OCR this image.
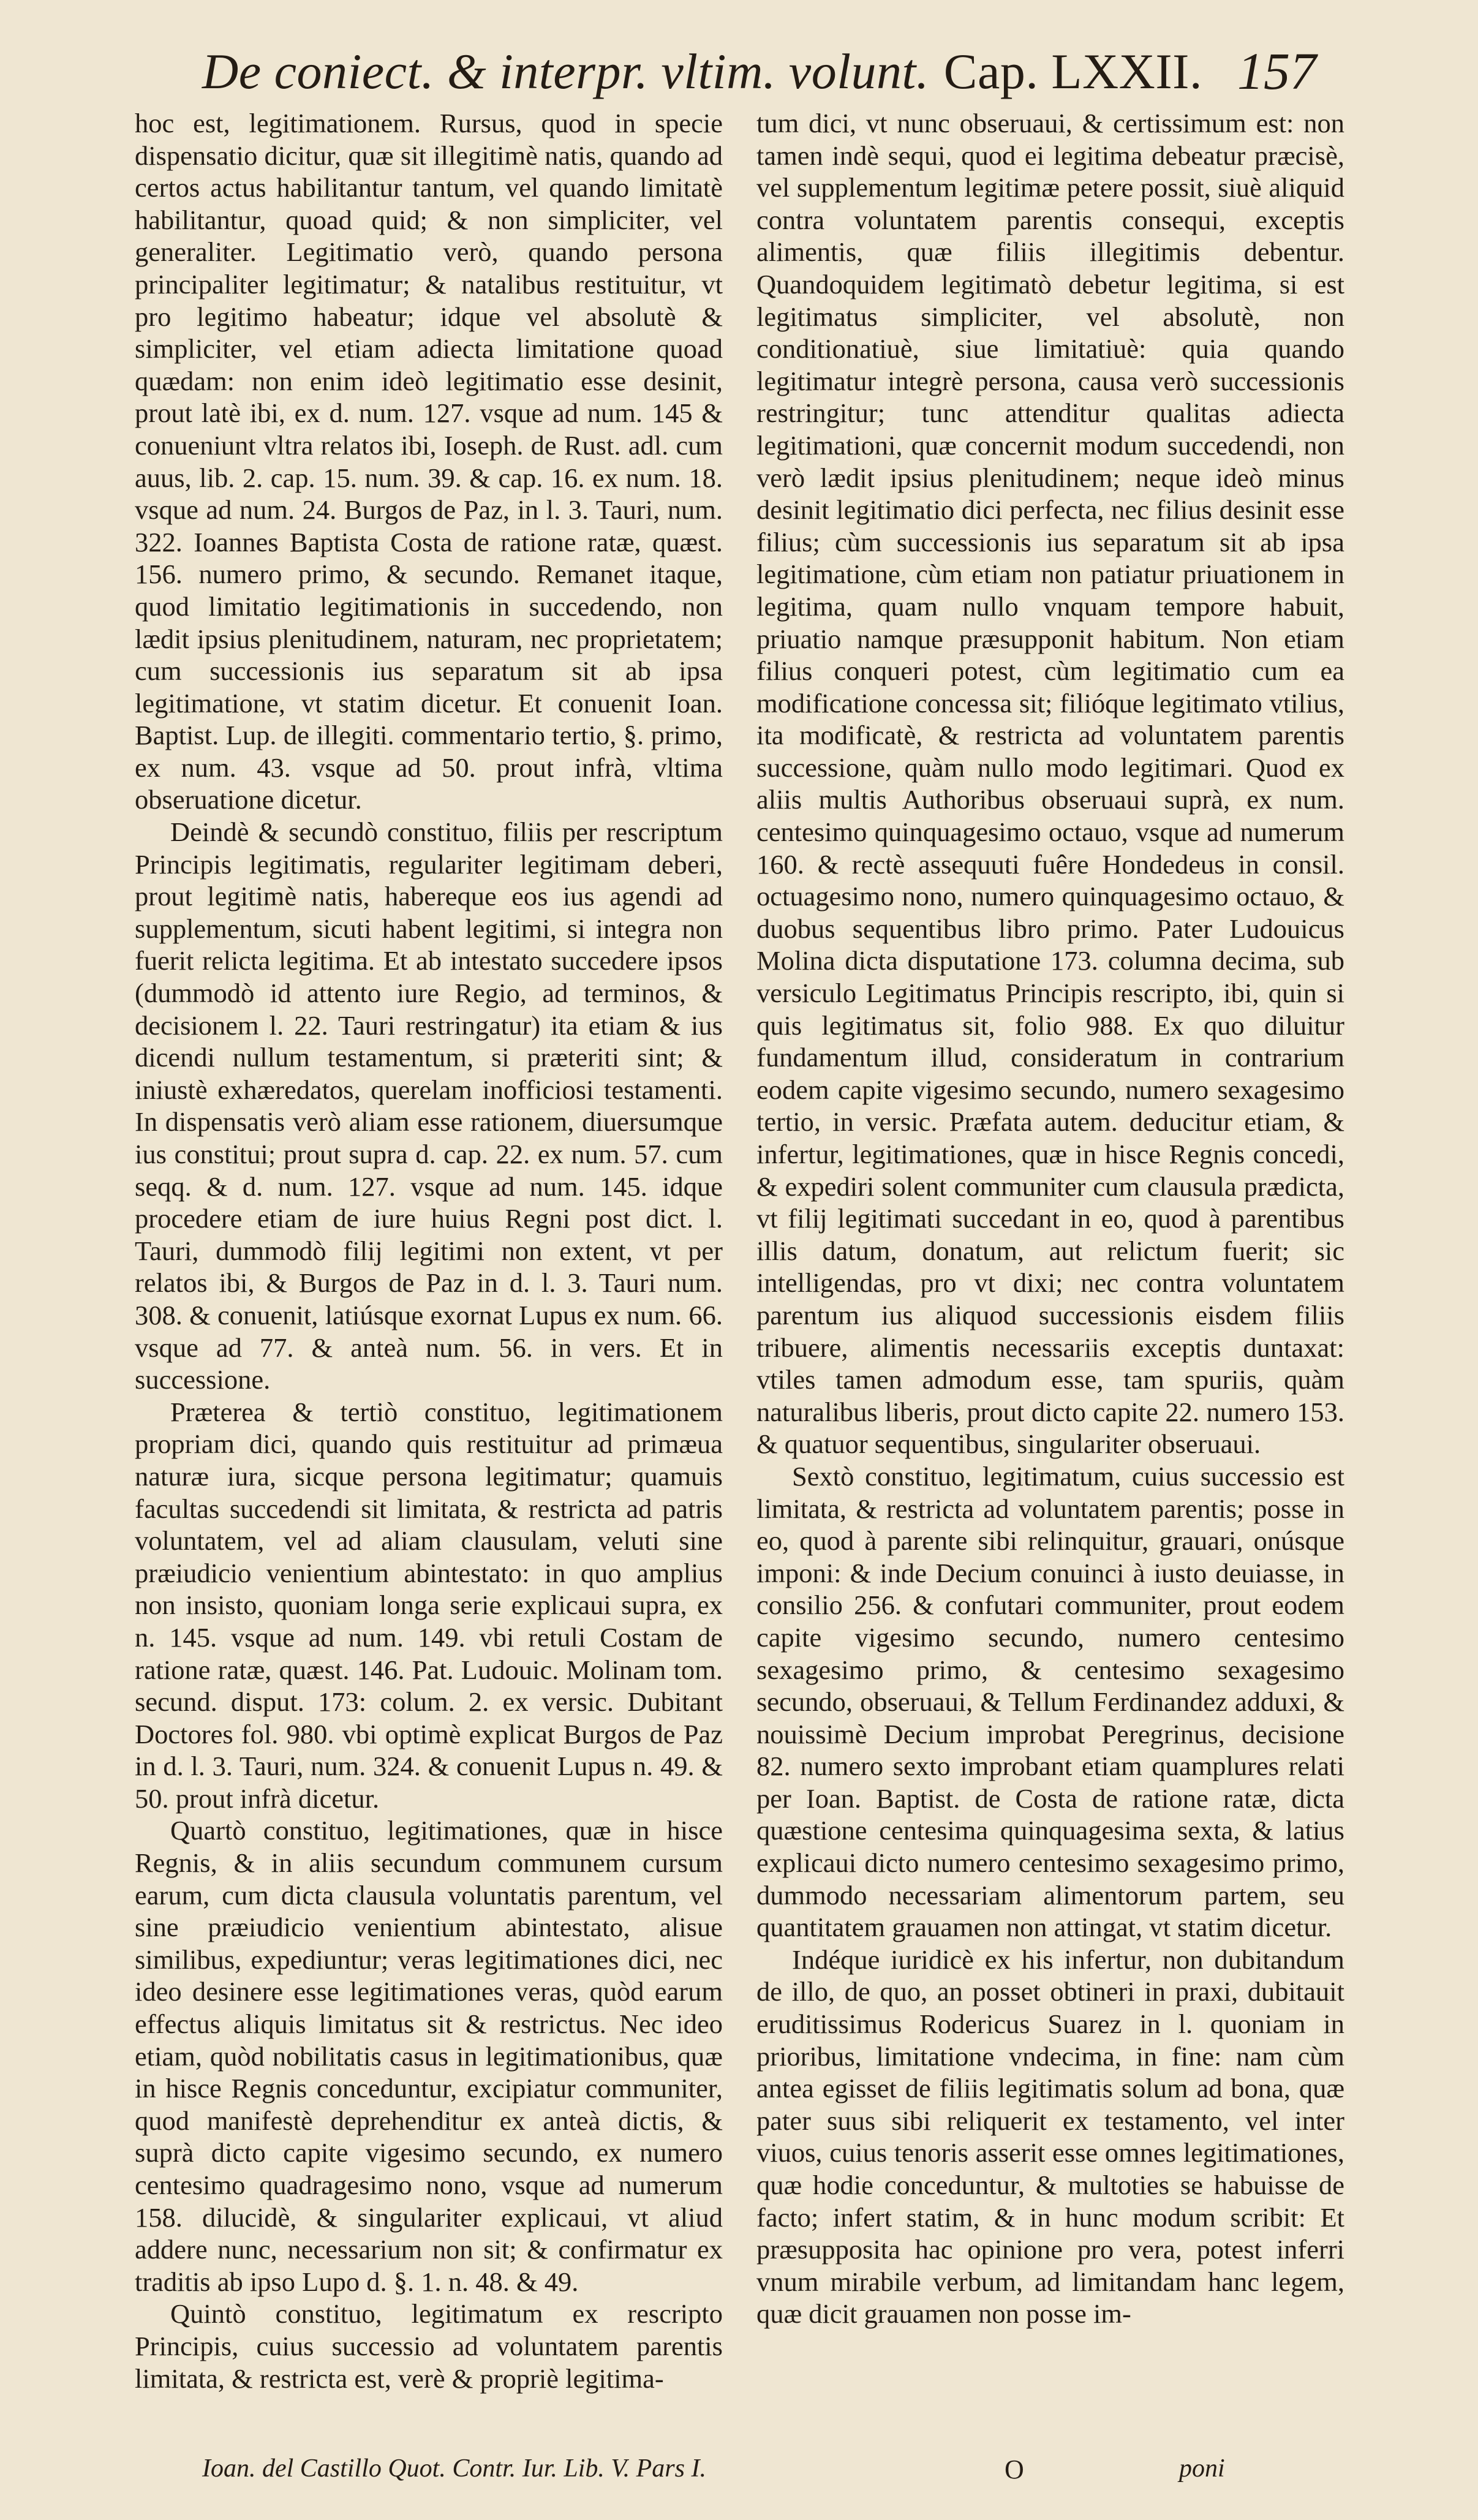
De coniect. & interpr. vltim. volunt. Cap. LXXII. 157

hoc est, legitimationem. Rursus, quod in specie dispensatio dicitur, quæ sit illegitimè natis, quando ad certos actus habilitantur tantum, vel quando limitatè habilitantur, quoad quid; & non simpliciter, vel generaliter. Legitimatio verò, quando persona principaliter legitimatur; & natalibus restituitur, vt pro legitimo habeatur; idque vel absolutè & simpliciter, vel etiam adiecta limitatione quoad quædam: non enim ideò legitimatio esse desinit, prout latè ibi, ex d. num. 127. vsque ad num. 145 & conueniunt vltra relatos ibi, Ioseph. de Rust. adl. cum auus, lib. 2. cap. 15. num. 39. & cap. 16. ex num. 18. vsque ad num. 24. Burgos de Paz, in l. 3. Tauri, num. 322. Ioannes Baptista Costa de ratione ratæ, quæst. 156. numero primo, & secundo. Remanet itaque, quod limitatio legitimationis in succedendo, non lædit ipsius plenitudinem, naturam, nec proprietatem; cum successionis ius separatum sit ab ipsa legitimatione, vt statim dicetur. Et conuenit Ioan. Baptist. Lup. de illegiti. commentario tertio, §. primo, ex num. 43. vsque ad 50. prout infrà, vltima obseruatione dicetur.

Deindè & secundò constituo, filiis per rescriptum Principis legitimatis, regulariter legitimam deberi, prout legitimè natis, habereque eos ius agendi ad supplementum, sicuti habent legitimi, si integra non fuerit relicta legitima. Et ab intestato succedere ipsos (dummodò id attento iure Regio, ad terminos, & decisionem l. 22. Tauri restringatur) ita etiam & ius dicendi nullum testamentum, si præteriti sint; & iniustè exhæredatos, querelam inofficiosi testamenti. In dispensatis verò aliam esse rationem, diuersumque ius constitui; prout supra d. cap. 22. ex num. 57. cum seqq. & d. num. 127. vsque ad num. 145. idque procedere etiam de iure huius Regni post dict. l. Tauri, dummodò filij legitimi non extent, vt per relatos ibi, & Burgos de Paz in d. l. 3. Tauri num. 308. & conuenit, latiúsque exornat Lupus ex num. 66. vsque ad 77. & anteà num. 56. in vers. Et in successione.

Præterea & tertiò constituo, legitimationem propriam dici, quando quis restituitur ad primæua naturæ iura, sicque persona legitimatur; quamuis facultas succedendi sit limitata, & restricta ad patris voluntatem, vel ad aliam clausulam, veluti sine præiudicio venientium abintestato: in quo amplius non insisto, quoniam longa serie explicaui supra, ex n. 145. vsque ad num. 149. vbi retuli Costam de ratione ratæ, quæst. 146. Pat. Ludouic. Molinam tom. secund. disput. 173: colum. 2. ex versic. Dubitant Doctores fol. 980. vbi optimè explicat Burgos de Paz in d. l. 3. Tauri, num. 324. & conuenit Lupus n. 49. & 50. prout infrà dicetur.

Quartò constituo, legitimationes, quæ in hisce Regnis, & in aliis secundum communem cursum earum, cum dicta clausula voluntatis parentum, vel sine præiudicio venientium abintestato, alisue similibus, expediuntur; veras legitimationes dici, nec ideo desinere esse legitimationes veras, quòd earum effectus aliquis limitatus sit & restrictus. Nec ideo etiam, quòd nobilitatis casus in legitimationibus, quæ in hisce Regnis conceduntur, excipiatur communiter, quod manifestè deprehenditur ex anteà dictis, & suprà dicto capite vigesimo secundo, ex numero centesimo quadragesimo nono, vsque ad numerum 158. dilucidè, & singulariter explicaui, vt aliud addere nunc, necessarium non sit; & confirmatur ex traditis ab ipso Lupo d. §. 1. n. 48. & 49.

Quintò constituo, legitimatum ex rescripto Principis, cuius successio ad voluntatem parentis limitata, & restricta est, verè & propriè legitima-

tum dici, vt nunc obseruaui, & certissimum est: non tamen indè sequi, quod ei legitima debeatur præcisè, vel supplementum legitimæ petere possit, siuè aliquid contra voluntatem parentis consequi, exceptis alimentis, quæ filiis illegitimis debentur. Quandoquidem legitimatò debetur legitima, si est legitimatus simpliciter, vel absolutè, non conditionatiuè, siue limitatiuè: quia quando legitimatur integrè persona, causa verò successionis restringitur; tunc attenditur qualitas adiecta legitimationi, quæ concernit modum succedendi, non verò lædit ipsius plenitudinem; neque ideò minus desinit legitimatio dici perfecta, nec filius desinit esse filius; cùm successionis ius separatum sit ab ipsa legitimatione, cùm etiam non patiatur priuationem in legitima, quam nullo vnquam tempore habuit, priuatio namque præsupponit habitum. Non etiam filius conqueri potest, cùm legitimatio cum ea modificatione concessa sit; filióque legitimato vtilius, ita modificatè, & restricta ad voluntatem parentis successione, quàm nullo modo legitimari. Quod ex aliis multis Authoribus obseruaui suprà, ex num. centesimo quinquagesimo octauo, vsque ad numerum 160. & rectè assequuti fuêre Hondedeus in consil. octuagesimo nono, numero quinquagesimo octauo, & duobus sequentibus libro primo. Pater Ludouicus Molina dicta disputatione 173. columna decima, sub versiculo Legitimatus Principis rescripto, ibi, quin si quis legitimatus sit, folio 988. Ex quo diluitur fundamentum illud, consideratum in contrarium eodem capite vigesimo secundo, numero sexagesimo tertio, in versic. Præfata autem. deducitur etiam, & infertur, legitimationes, quæ in hisce Regnis concedi, & expediri solent communiter cum clausula prædicta, vt filij legitimati succedant in eo, quod à parentibus illis datum, donatum, aut relictum fuerit; sic intelligendas, pro vt dixi; nec contra voluntatem parentum ius aliquod successionis eisdem filiis tribuere, alimentis necessariis exceptis duntaxat: vtiles tamen admodum esse, tam spuriis, quàm naturalibus liberis, prout dicto capite 22. numero 153. & quatuor sequentibus, singulariter obseruaui.

Sextò constituo, legitimatum, cuius successio est limitata, & restricta ad voluntatem parentis; posse in eo, quod à parente sibi relinquitur, grauari, onúsque imponi: & inde Decium conuinci à iusto deuiasse, in consilio 256. & confutari communiter, prout eodem capite vigesimo secundo, numero centesimo sexagesimo primo, & centesimo sexagesimo secundo, obseruaui, & Tellum Ferdinandez adduxi, & nouissimè Decium improbat Peregrinus, decisione 82. numero sexto improbant etiam quamplures relati per Ioan. Baptist. de Costa de ratione ratæ, dicta quæstione centesima quinquagesima sexta, & latius explicaui dicto numero centesimo sexagesimo primo, dummodo necessariam alimentorum partem, seu quantitatem grauamen non attingat, vt statim dicetur.

Indéque iuridicè ex his infertur, non dubitandum de illo, de quo, an posset obtineri in praxi, dubitauit eruditissimus Rodericus Suarez in l. quoniam in prioribus, limitatione vndecima, in fine: nam cùm antea egisset de filiis legitimatis solum ad bona, quæ pater suus sibi reliquerit ex testamento, vel inter viuos, cuius tenoris asserit esse omnes legitimationes, quæ hodie conceduntur, & multoties se habuisse de facto; infert statim, & in hunc modum scribit: Et præsupposita hac opinione pro vera, potest inferri vnum mirabile verbum, ad limitandam hanc legem, quæ dicit grauamen non posse im-

Ioan. del Castillo Quot. Contr. Iur. Lib. V. Pars I.	O	poni
